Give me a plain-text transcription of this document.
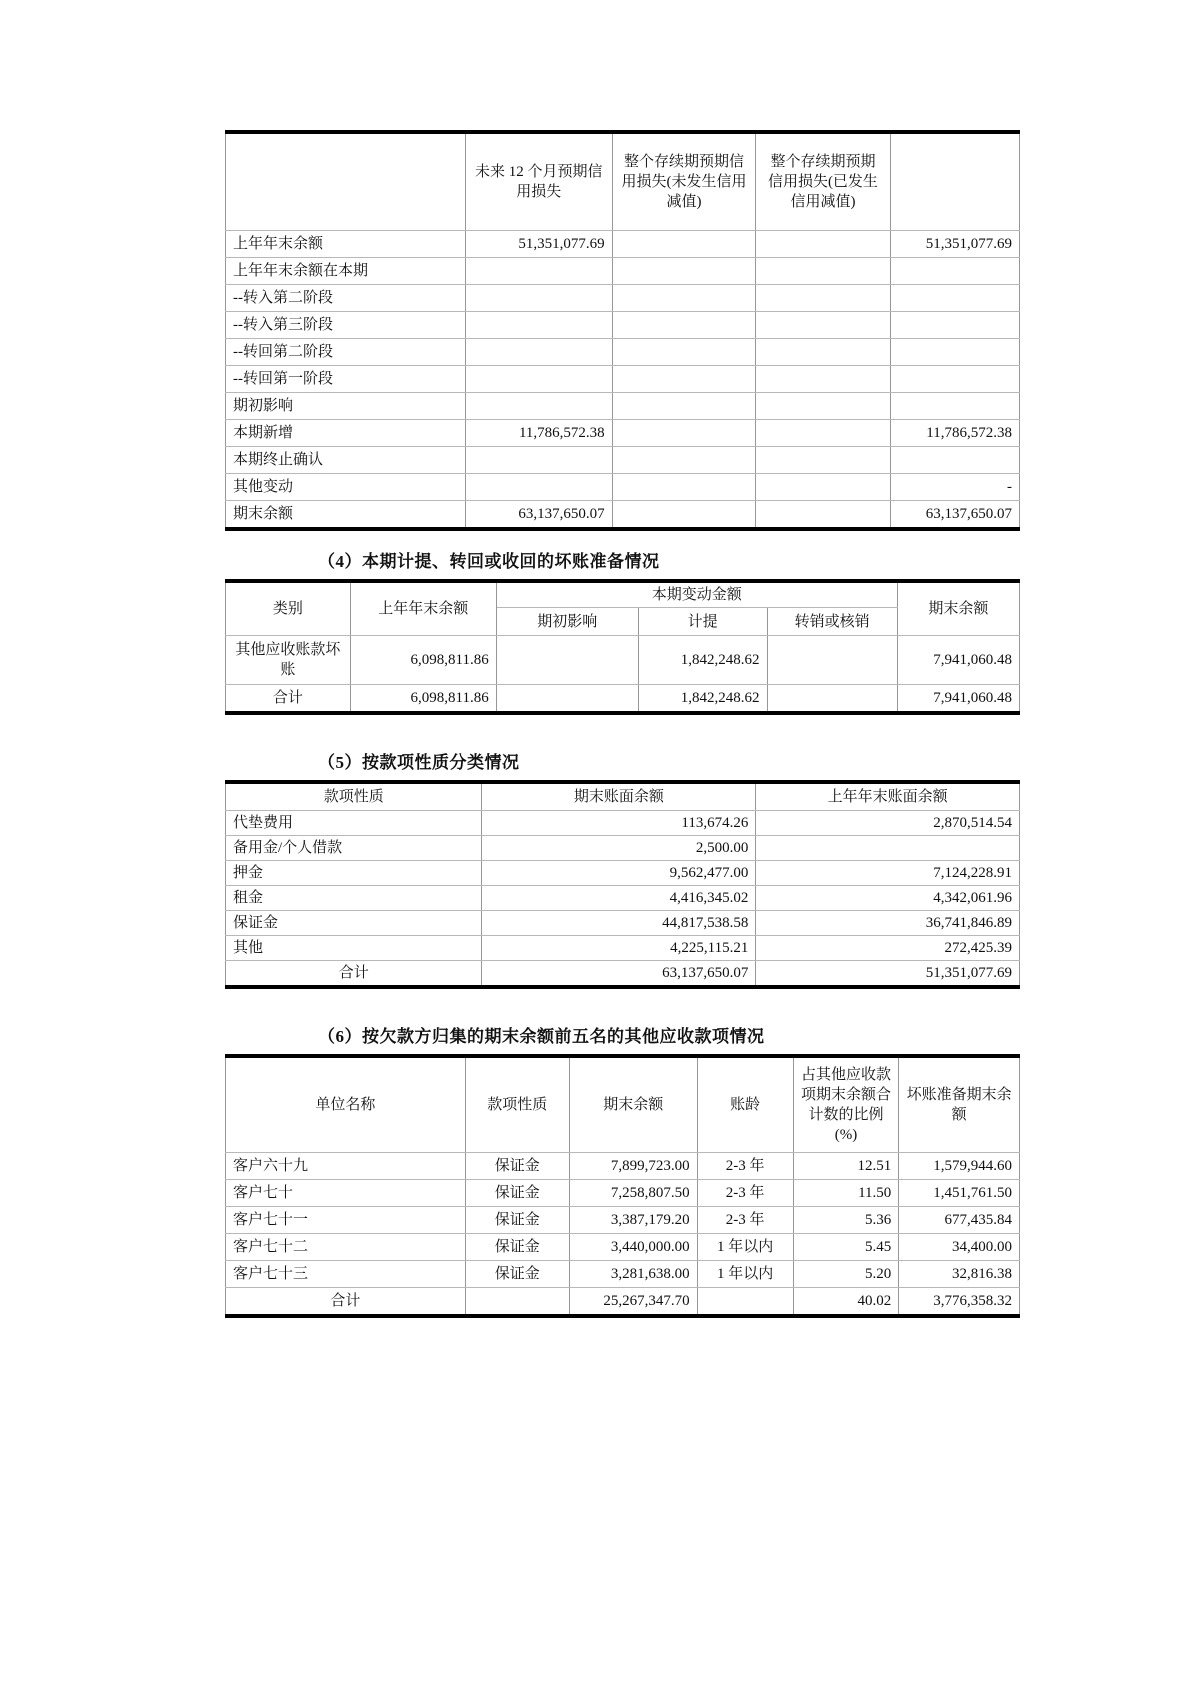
	未来 12 个月预期信用损失	整个存续期预期信用损失(未发生信用减值)	整个存续期预期信用损失(已发生信用减值)	
上年年末余额	51,351,077.69			51,351,077.69
上年年末余额在本期				
--转入第二阶段				
--转入第三阶段				
--转回第二阶段				
--转回第一阶段				
期初影响				
本期新增	11,786,572.38			11,786,572.38
本期终止确认				
其他变动				-
期末余额	63,137,650.07			63,137,650.07
（4）本期计提、转回或收回的坏账准备情况
类别	上年年末余额	本期变动金额			期末余额
		期初影响	计提	转销或核销	
其他应收账款坏账	6,098,811.86		1,842,248.62		7,941,060.48
合计	6,098,811.86		1,842,248.62		7,941,060.48
（5）按款项性质分类情况
款项性质	期末账面余额	上年年末账面余额
代垫费用	113,674.26	2,870,514.54
备用金/个人借款	2,500.00	
押金	9,562,477.00	7,124,228.91
租金	4,416,345.02	4,342,061.96
保证金	44,817,538.58	36,741,846.89
其他	4,225,115.21	272,425.39
合计	63,137,650.07	51,351,077.69
（6）按欠款方归集的期末余额前五名的其他应收款项情况
单位名称	款项性质	期末余额	账龄	占其他应收款项期末余额合计数的比例(%)	坏账准备期末余额
客户六十九	保证金	7,899,723.00	2-3 年	12.51	1,579,944.60
客户七十	保证金	7,258,807.50	2-3 年	11.50	1,451,761.50
客户七十一	保证金	3,387,179.20	2-3 年	5.36	677,435.84
客户七十二	保证金	3,440,000.00	1 年以内	5.45	34,400.00
客户七十三	保证金	3,281,638.00	1 年以内	5.20	32,816.38
合计		25,267,347.70		40.02	3,776,358.32
